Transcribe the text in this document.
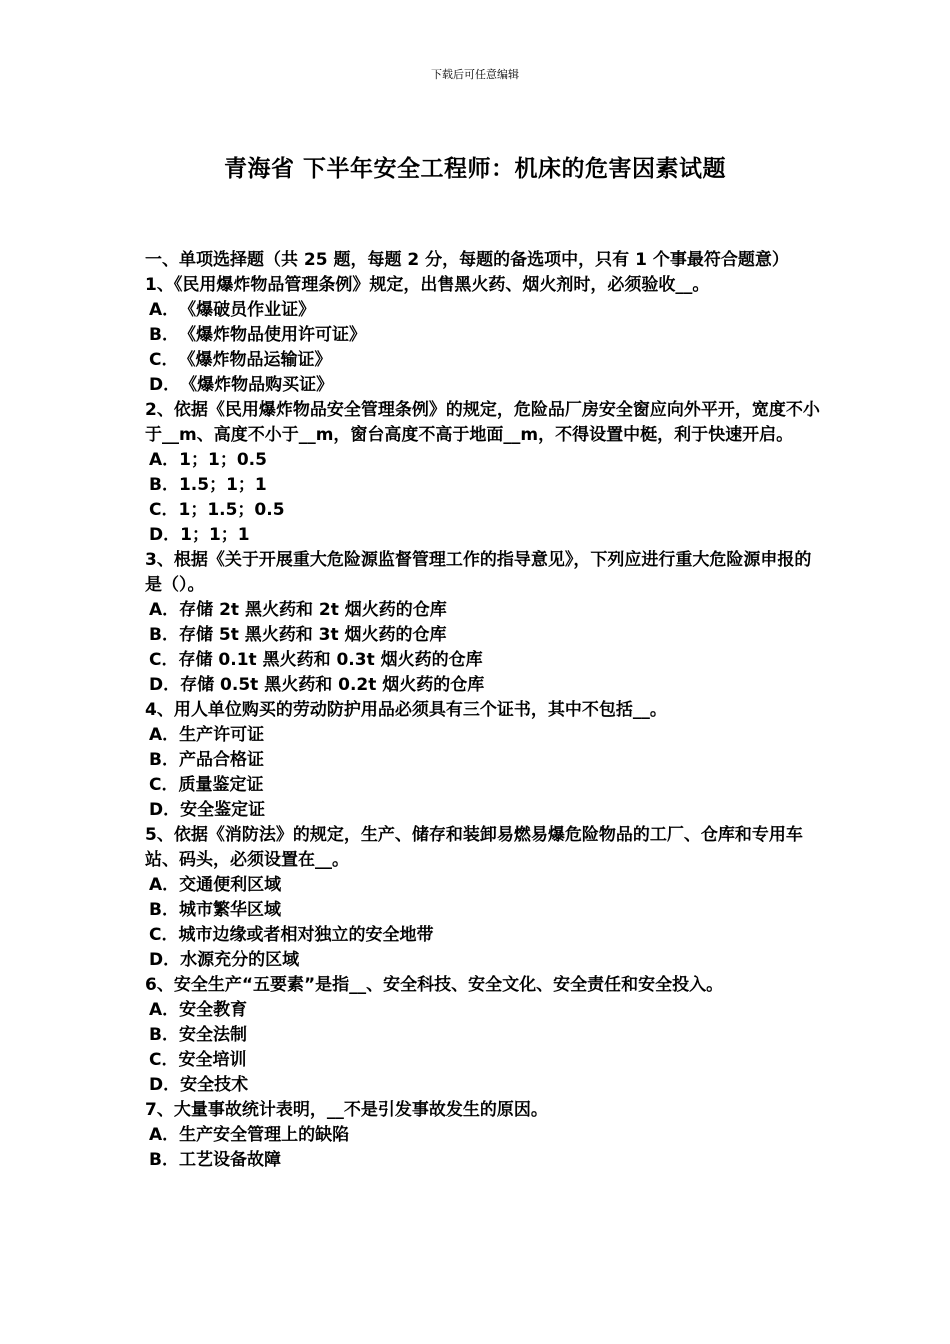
下载后可任意编辑
青海省 下半年安全工程师：机床的危害因素试题

一、单项选择题（共 25 题，每题 2 分，每题的备选项中，只有 1 个事最符合题意）

1、《民用爆炸物品管理条例》规定，出售黑火药、烟火剂时，必须验收__。

A．《爆破员作业证》

B．《爆炸物品使用许可证》

C．《爆炸物品运输证》

D．《爆炸物品购买证》

2、依据《民用爆炸物品安全管理条例》的规定，危险品厂房安全窗应向外平开，宽度不小于__m、高度不小于__m，窗台高度不高于地面__m，不得设置中梃，利于快速开启。

A．1；1；0.5

B．1.5；1；1

C．1；1.5；0.5

D．1；1；1

3、根据《关于开展重大危险源监督管理工作的指导意见》，下列应进行重大危险源申报的是（）。

A．存储 2t 黑火药和 2t 烟火药的仓库

B．存储 5t 黑火药和 3t 烟火药的仓库

C．存储 0.1t 黑火药和 0.3t 烟火药的仓库

D．存储 0.5t 黑火药和 0.2t 烟火药的仓库

4、用人单位购买的劳动防护用品必须具有三个证书，其中不包括__。

A．生产许可证

B．产品合格证

C．质量鉴定证

D．安全鉴定证

5、依据《消防法》的规定，生产、储存和装卸易燃易爆危险物品的工厂、仓库和专用车站、码头，必须设置在__。

A．交通便利区域

B．城市繁华区域

C．城市边缘或者相对独立的安全地带

D．水源充分的区域

6、安全生产“五要素”是指__、安全科技、安全文化、安全责任和安全投入。

A．安全教育

B．安全法制

C．安全培训

D．安全技术

7、大量事故统计表明，__不是引发事故发生的原因。

A．生产安全管理上的缺陷

B．工艺设备故障
